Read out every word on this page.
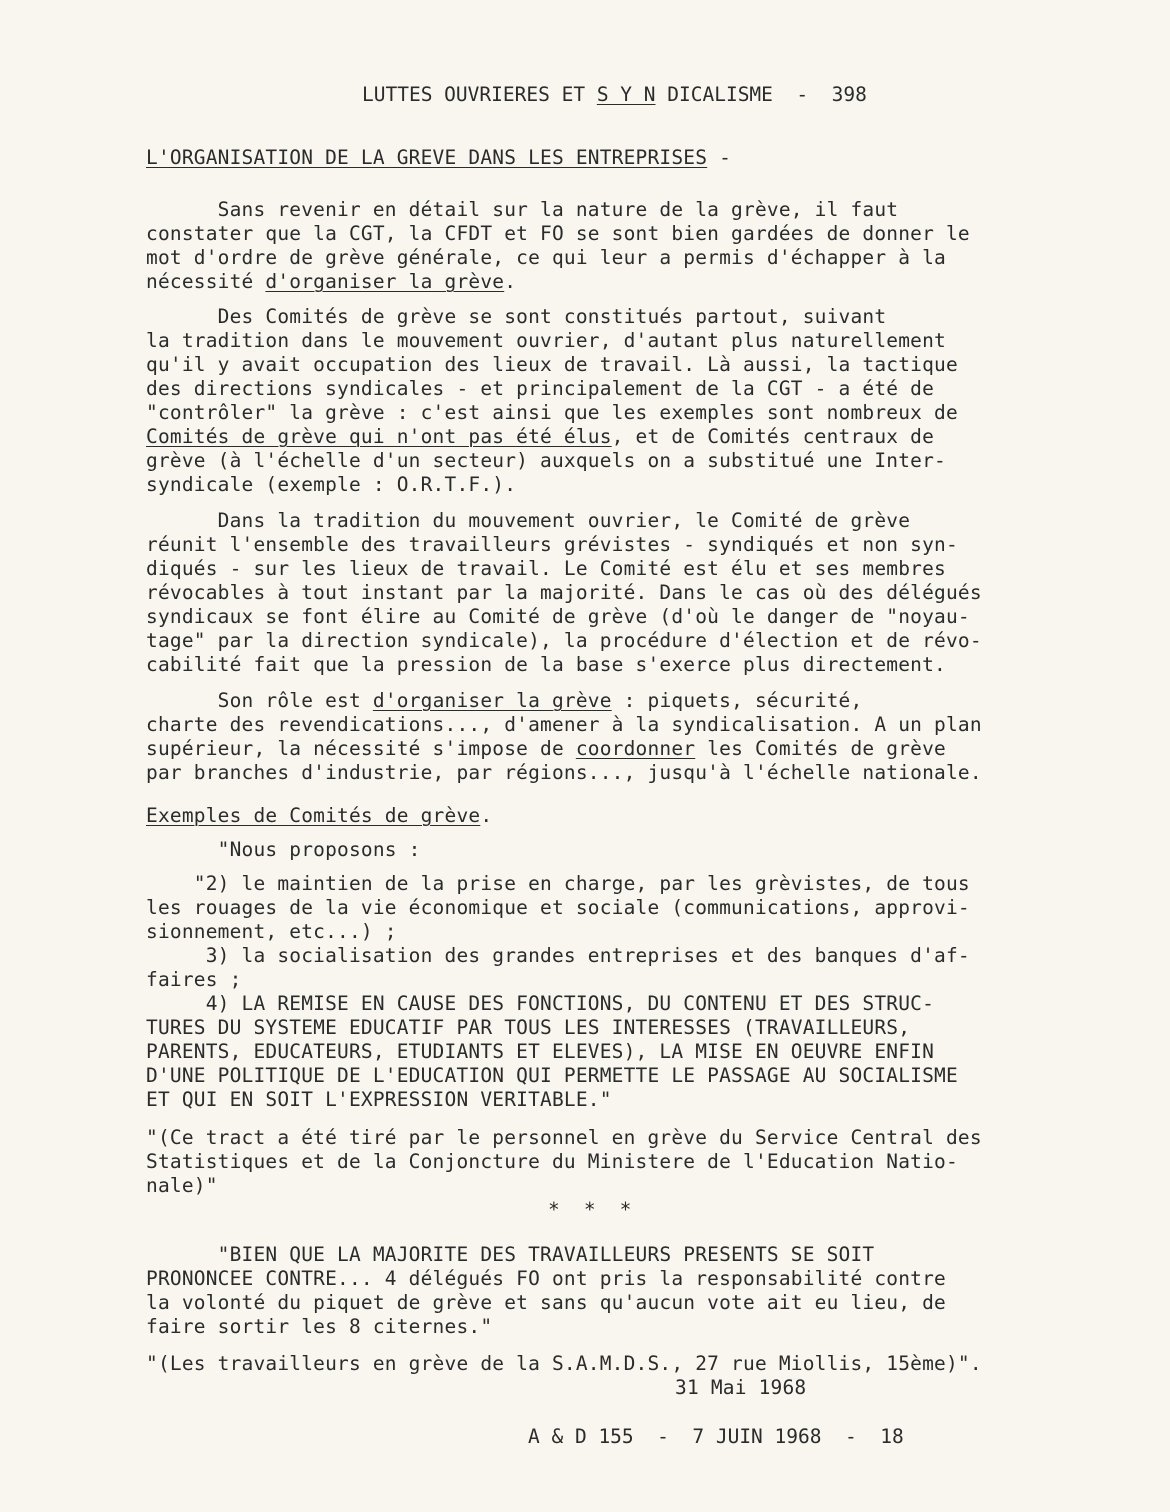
LUTTES OUVRIERES ET S Y N DICALISME  -  398
L'ORGANISATION DE LA GREVE DANS LES ENTREPRISES -
Sans revenir en détail sur la nature de la grève, il faut
constater que la CGT, la CFDT et FO se sont bien gardées de donner le
mot d'ordre de grève générale, ce qui leur a permis d'échapper à la
nécessité d'organiser la grève.
Des Comités de grève se sont constitués partout, suivant
la tradition dans le mouvement ouvrier, d'autant plus naturellement
qu'il y avait occupation des lieux de travail. Là aussi, la tactique
des directions syndicales - et principalement de la CGT - a été de
"contrôler" la grève : c'est ainsi que les exemples sont nombreux de
Comités de grève qui n'ont pas été élus, et de Comités centraux de
grève (à l'échelle d'un secteur) auxquels on a substitué une Inter-
syndicale (exemple : O.R.T.F.).
Dans la tradition du mouvement ouvrier, le Comité de grève
réunit l'ensemble des travailleurs grévistes - syndiqués et non syn-
diqués - sur les lieux de travail. Le Comité est élu et ses membres
révocables à tout instant par la majorité. Dans le cas où des délégués
syndicaux se font élire au Comité de grève (d'où le danger de "noyau-
tage" par la direction syndicale), la procédure d'élection et de révo-
cabilité fait que la pression de la base s'exerce plus directement.
Son rôle est d'organiser la grève : piquets, sécurité,
charte des revendications..., d'amener à la syndicalisation. A un plan
supérieur, la nécessité s'impose de coordonner les Comités de grève
par branches d'industrie, par régions..., jusqu'à l'échelle nationale.
Exemples de Comités de grève.
"Nous proposons :
"2) le maintien de la prise en charge, par les grèvistes, de tous
les rouages de la vie économique et sociale (communications, approvi-
sionnement, etc...) ;
3) la socialisation des grandes entreprises et des banques d'af-
faires ;
4) LA REMISE EN CAUSE DES FONCTIONS, DU CONTENU ET DES STRUC-
TURES DU SYSTEME EDUCATIF PAR TOUS LES INTERESSES (TRAVAILLEURS,
PARENTS, EDUCATEURS, ETUDIANTS ET ELEVES), LA MISE EN OEUVRE ENFIN
D'UNE POLITIQUE DE L'EDUCATION QUI PERMETTE LE PASSAGE AU SOCIALISME
ET QUI EN SOIT L'EXPRESSION VERITABLE."
"(Ce tract a été tiré par le personnel en grève du Service Central des
Statistiques et de la Conjoncture du Ministere de l'Education Natio-
nale)"
*  *  *
"BIEN QUE LA MAJORITE DES TRAVAILLEURS PRESENTS SE SOIT
PRONONCEE CONTRE... 4 délégués FO ont pris la responsabilité contre
la volonté du piquet de grève et sans qu'aucun vote ait eu lieu, de
faire sortir les 8 citernes."
"(Les travailleurs en grève de la S.A.M.D.S., 27 rue Miollis, 15ème)".
31 Mai 1968
A & D 155  -  7 JUIN 1968  -  18
